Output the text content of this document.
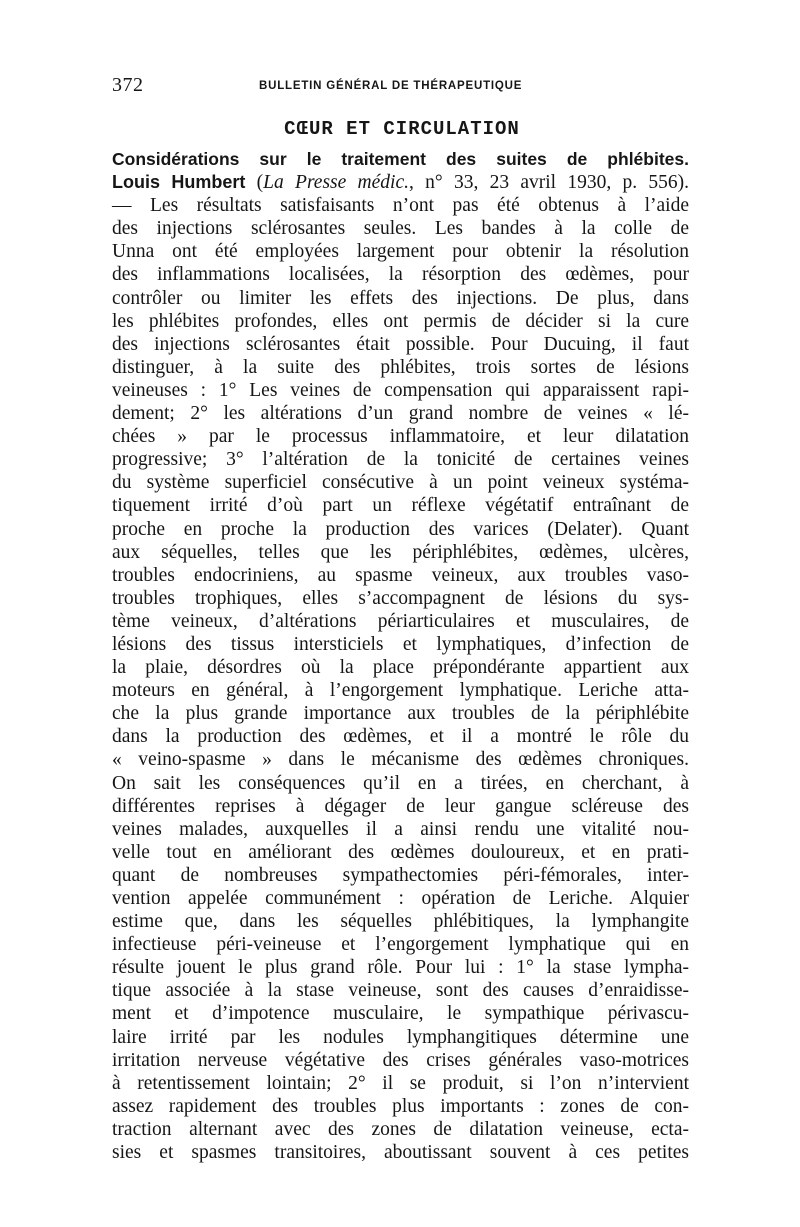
372	BULLETIN GÉNÉRAL DE THÉRAPEUTIQUE
CŒUR ET CIRCULATION
Considérations sur le traitement des suites de phlébites.
Louis Humbert (La Presse médic., n° 33, 23 avril 1930, p. 556).
— Les résultats satisfaisants n’ont pas été obtenus à l’aide
des injections sclérosantes seules. Les bandes à la colle de
Unna ont été employées largement pour obtenir la résolution
des inflammations localisées, la résorption des œdèmes, pour
contrôler ou limiter les effets des injections. De plus, dans
les phlébites profondes, elles ont permis de décider si la cure
des injections sclérosantes était possible. Pour Ducuing, il faut
distinguer, à la suite des phlébites, trois sortes de lésions
veineuses : 1° Les veines de compensation qui apparaissent rapi-
dement; 2° les altérations d’un grand nombre de veines « lé-
chées » par le processus inflammatoire, et leur dilatation
progressive; 3° l’altération de la tonicité de certaines veines
du système superficiel consécutive à un point veineux systéma-
tiquement irrité d’où part un réflexe végétatif entraînant de
proche en proche la production des varices (Delater). Quant
aux séquelles, telles que les périphlébites, œdèmes, ulcères,
troubles endocriniens, au spasme veineux, aux troubles vaso-
troubles trophiques, elles s’accompagnent de lésions du sys-
tème veineux, d’altérations périarticulaires et musculaires, de
lésions des tissus intersticiels et lymphatiques, d’infection de
la plaie, désordres où la place prépondérante appartient aux
moteurs en général, à l’engorgement lymphatique. Leriche atta-
che la plus grande importance aux troubles de la périphlébite
dans la production des œdèmes, et il a montré le rôle du
« veino-spasme » dans le mécanisme des œdèmes chroniques.
On sait les conséquences qu’il en a tirées, en cherchant, à
différentes reprises à dégager de leur gangue scléreuse des
veines malades, auxquelles il a ainsi rendu une vitalité nou-
velle tout en améliorant des œdèmes douloureux, et en prati-
quant de nombreuses sympathectomies péri-fémorales, inter-
vention appelée communément : opération de Leriche. Alquier
estime que, dans les séquelles phlébitiques, la lymphangite
infectieuse péri-veineuse et l’engorgement lymphatique qui en
résulte jouent le plus grand rôle. Pour lui : 1° la stase lympha-
tique associée à la stase veineuse, sont des causes d’enraidisse-
ment et d’impotence musculaire, le sympathique périvascu-
laire irrité par les nodules lymphangitiques détermine une
irritation nerveuse végétative des crises générales vaso-motrices
à retentissement lointain; 2° il se produit, si l’on n’intervient
assez rapidement des troubles plus importants : zones de con-
traction alternant avec des zones de dilatation veineuse, ecta-
sies et spasmes transitoires, aboutissant souvent à ces petites
